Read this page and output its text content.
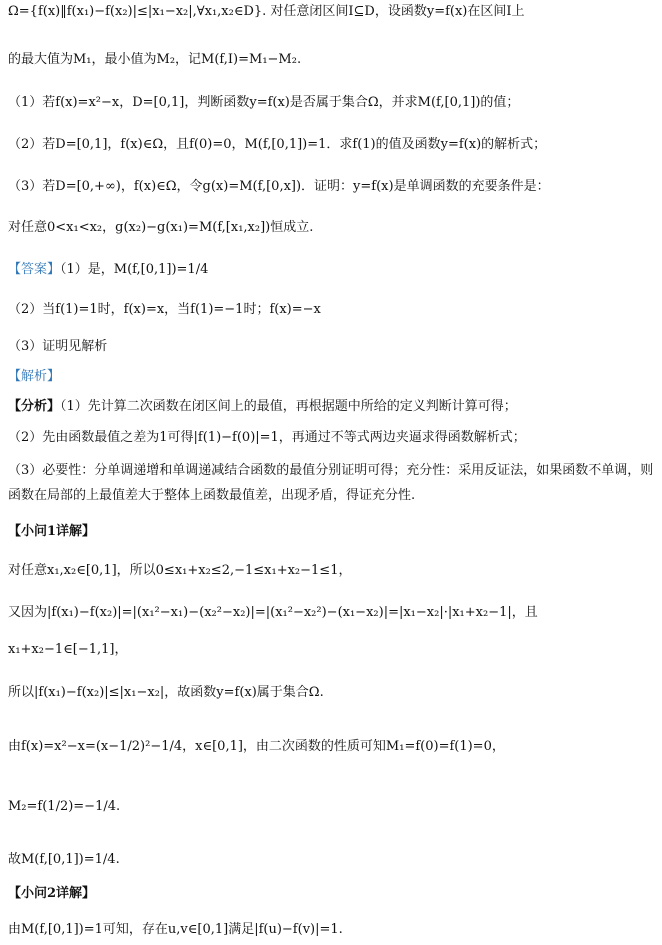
Ω={f(x)‖f(x₁)−f(x₂)|≤|x₁−x₂|,∀x₁,x₂∈D}. 对任意闭区间I⊆D，设函数y=f(x)在区间I上
的最大值为M₁，最小值为M₂，记M(f,I)=M₁−M₂.
（1）若f(x)=x²−x，D=[0,1]，判断函数y=f(x)是否属于集合Ω，并求M(f,[0,1])的值；
（2）若D=[0,1]，f(x)∈Ω，且f(0)=0，M(f,[0,1])=1．求f(1)的值及函数y=f(x)的解析式；
（3）若D=[0,+∞)，f(x)∈Ω，令g(x)=M(f,[0,x])．证明：y=f(x)是单调函数的充要条件是：
对任意0<x₁<x₂，g(x₂)−g(x₁)=M(f,[x₁,x₂])恒成立.
【答案】（1）是，M(f,[0,1])=1/4
（2）当f(1)=1时，f(x)=x，当f(1)=−1时；f(x)=−x
（3）证明见解析
【解析】
【分析】（1）先计算二次函数在闭区间上的最值，再根据题中所给的定义判断计算可得；
（2）先由函数最值之差为1可得|f(1)−f(0)|=1，再通过不等式两边夹逼求得函数解析式；
（3）必要性：分单调递增和单调递减结合函数的最值分别证明可得；充分性：采用反证法，如果函数不单调，则函数在局部的上最值差大于整体上函数最值差，出现矛盾，得证充分性.
【小问1详解】
对任意x₁,x₂∈[0,1]，所以0≤x₁+x₂≤2,−1≤x₁+x₂−1≤1，
又因为|f(x₁)−f(x₂)|=|(x₁²−x₁)−(x₂²−x₂)|=|(x₁²−x₂²)−(x₁−x₂)|=|x₁−x₂|·|x₁+x₂−1|，且
x₁+x₂−1∈[−1,1]，
所以|f(x₁)−f(x₂)|≤|x₁−x₂|，故函数y=f(x)属于集合Ω.
由f(x)=x²−x=(x−1/2)²−1/4，x∈[0,1]，由二次函数的性质可知M₁=f(0)=f(1)=0，
M₂=f(1/2)=−1/4.
故M(f,[0,1])=1/4.
【小问2详解】
由M(f,[0,1])=1可知，存在u,v∈[0,1]满足|f(u)−f(v)|=1.
